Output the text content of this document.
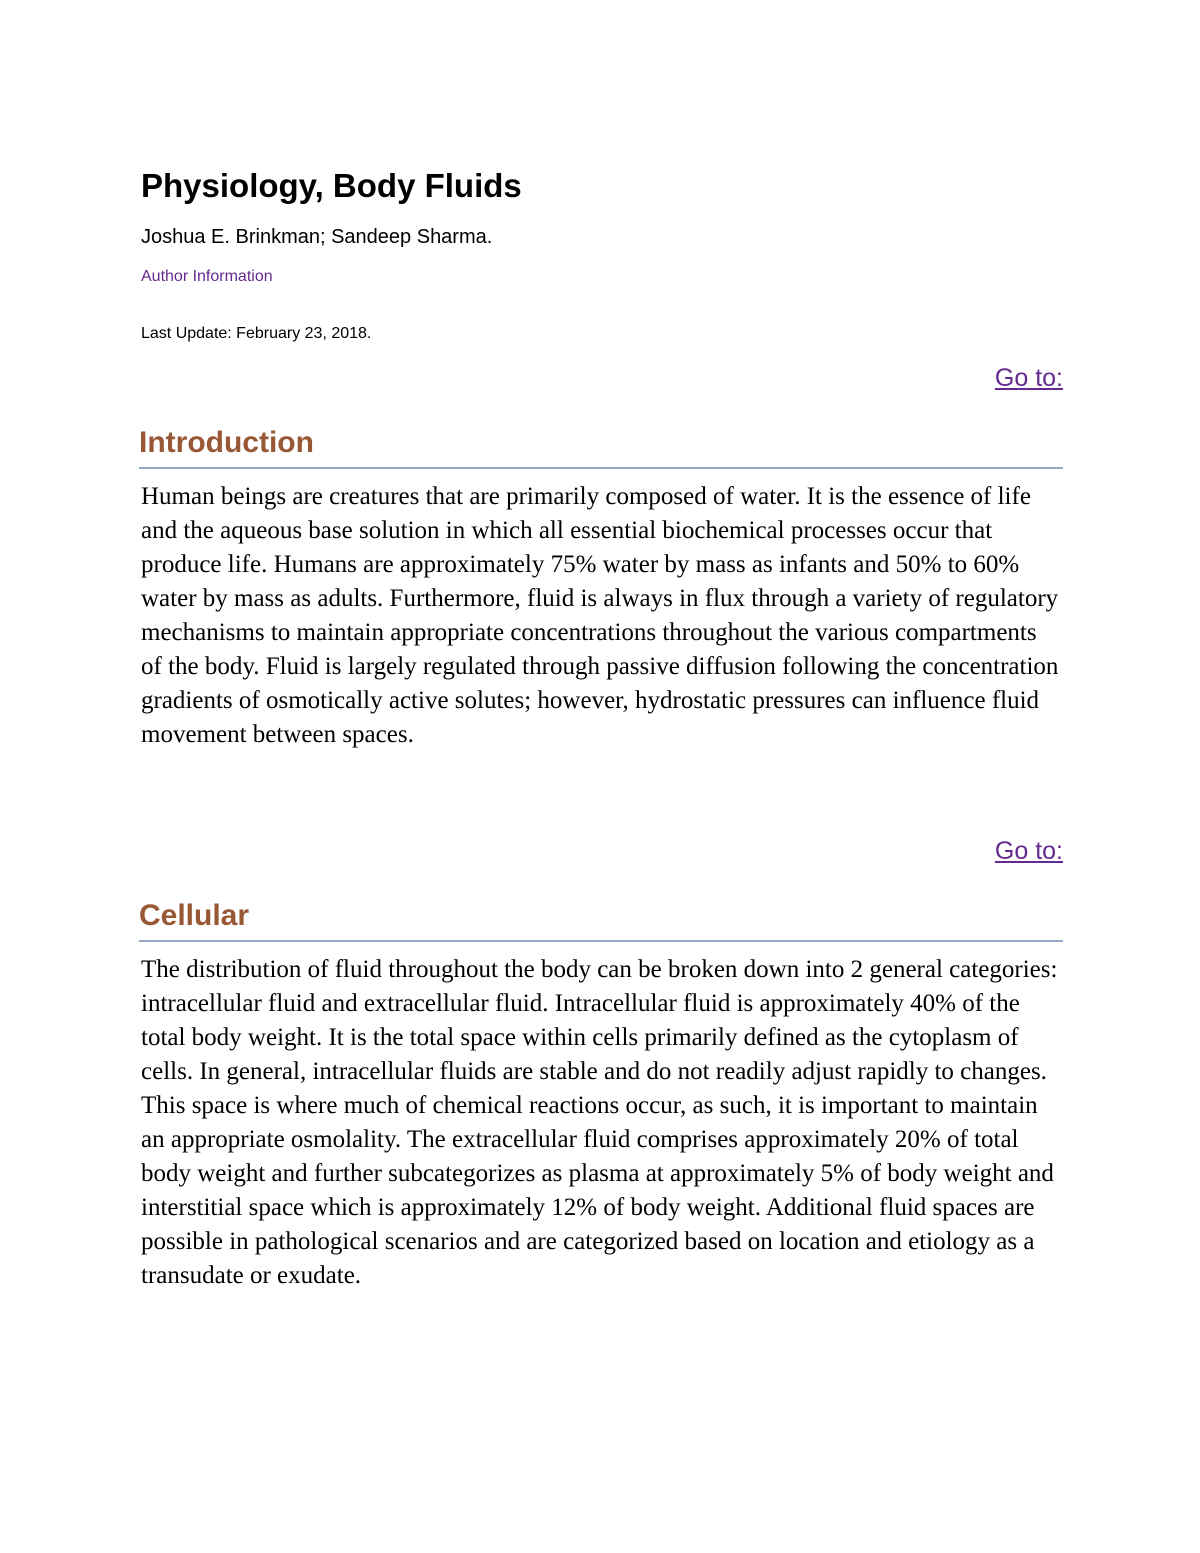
Physiology, Body Fluids
Joshua E. Brinkman; Sandeep Sharma.
Author Information
Last Update: February 23, 2018.
Go to:
Introduction

Human beings are creatures that are primarily composed of water. It is the essence of life and the aqueous base solution in which all essential biochemical processes occur that produce life. Humans are approximately 75% water by mass as infants and 50% to 60% water by mass as adults. Furthermore, fluid is always in flux through a variety of regulatory mechanisms to maintain appropriate concentrations throughout the various compartments of the body. Fluid is largely regulated through passive diffusion following the concentration gradients of osmotically active solutes; however, hydrostatic pressures can influence fluid movement between spaces.

Go to:
Cellular

The distribution of fluid throughout the body can be broken down into 2 general categories: intracellular fluid and extracellular fluid. Intracellular fluid is approximately 40% of the total body weight. It is the total space within cells primarily defined as the cytoplasm of cells. In general, intracellular fluids are stable and do not readily adjust rapidly to changes. This space is where much of chemical reactions occur, as such, it is important to maintain an appropriate osmolality. The extracellular fluid comprises approximately 20% of total body weight and further subcategorizes as plasma at approximately 5% of body weight and interstitial space which is approximately 12% of body weight. Additional fluid spaces are possible in pathological scenarios and are categorized based on location and etiology as a transudate or exudate.
